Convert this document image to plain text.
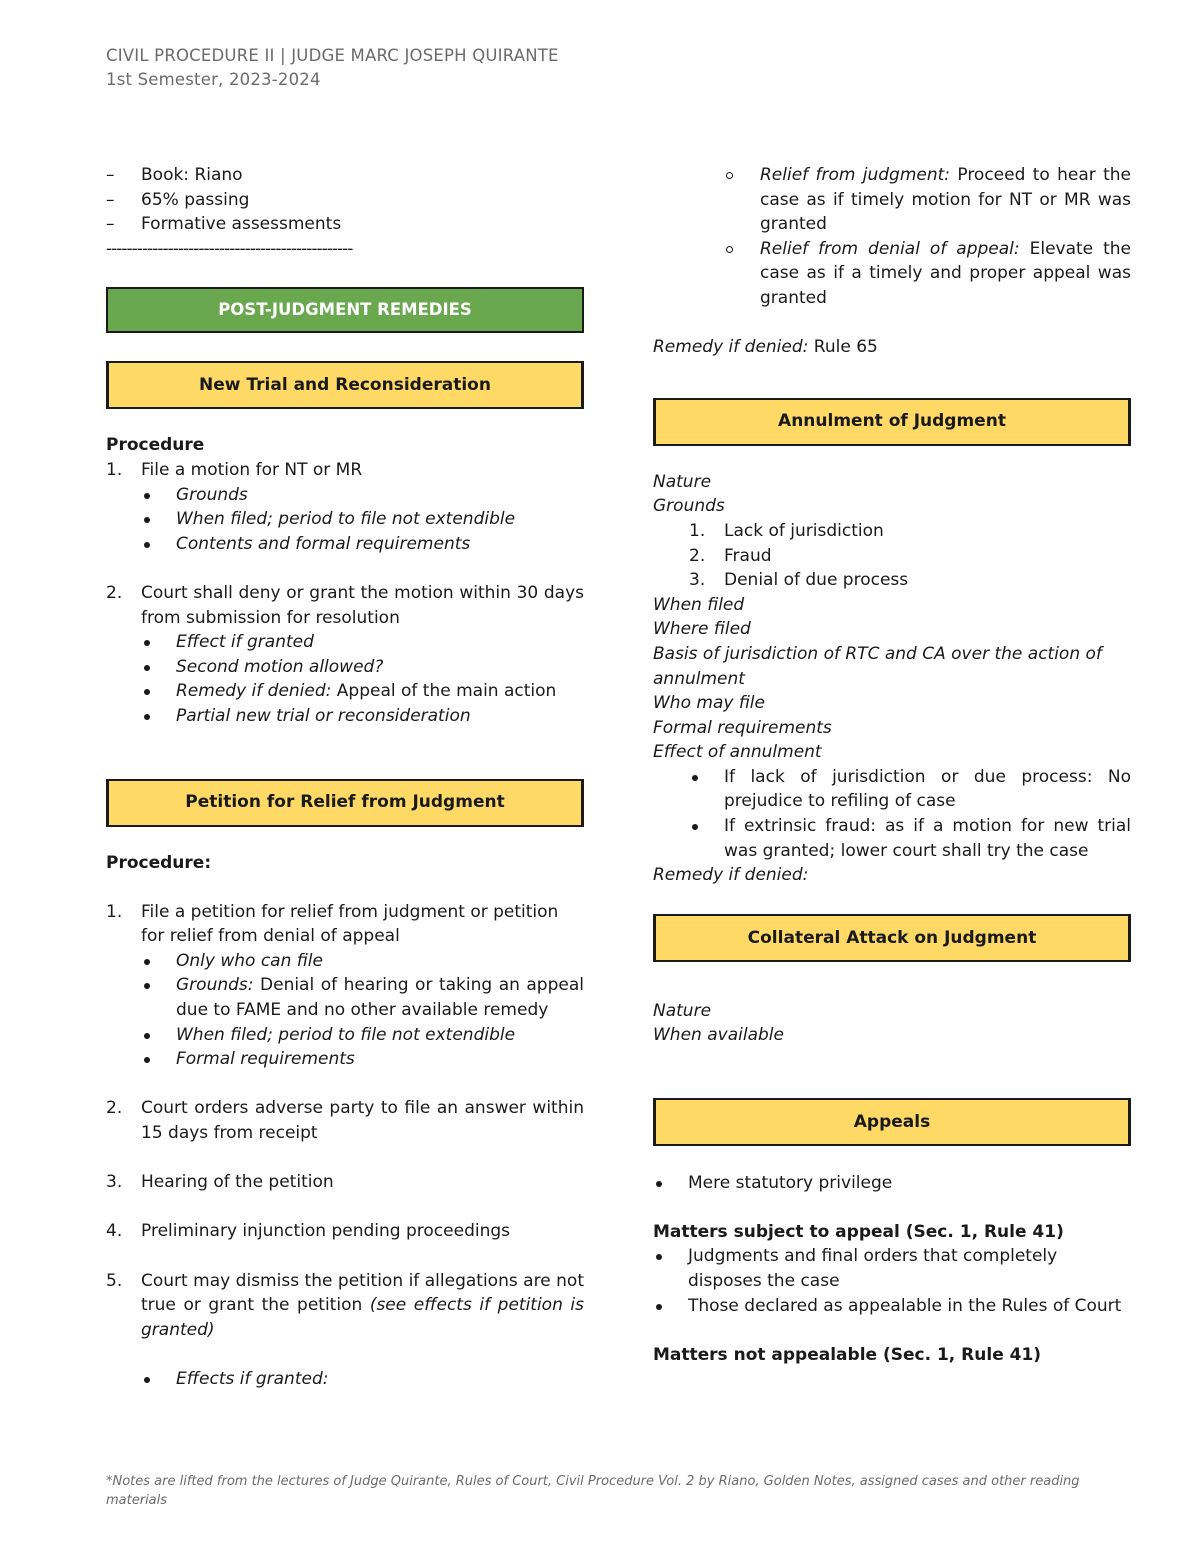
CIVIL PROCEDURE II | JUDGE MARC JOSEPH QUIRANTE
1st Semester, 2023-2024
– Book: Riano
– 65% passing
– Formative assessments
------------------------------------------------
POST-JUDGMENT REMEDIES
New Trial and Reconsideration
Procedure
1. File a motion for NT or MR
Grounds
When filed; period to file not extendible
Contents and formal requirements
2. Court shall deny or grant the motion within 30 days from submission for resolution
Effect if granted
Second motion allowed?
Remedy if denied: Appeal of the main action
Partial new trial or reconsideration
Petition for Relief from Judgment
Procedure:
1. File a petition for relief from judgment or petition for relief from denial of appeal
Only who can file
Grounds: Denial of hearing or taking an appeal due to FAME and no other available remedy
When filed; period to file not extendible
Formal requirements
2. Court orders adverse party to file an answer within 15 days from receipt
3. Hearing of the petition
4. Preliminary injunction pending proceedings
5. Court may dismiss the petition if allegations are not true or grant the petition (see effects if petition is granted)
Effects if granted:
Relief from judgment: Proceed to hear the case as if timely motion for NT or MR was granted
Relief from denial of appeal: Elevate the case as if a timely and proper appeal was granted
Remedy if denied: Rule 65
Annulment of Judgment
Nature
Grounds
1. Lack of jurisdiction
2. Fraud
3. Denial of due process
When filed
Where filed
Basis of jurisdiction of RTC and CA over the action of annulment
Who may file
Formal requirements
Effect of annulment
If lack of jurisdiction or due process: No prejudice to refiling of case
If extrinsic fraud: as if a motion for new trial was granted; lower court shall try the case
Remedy if denied:
Collateral Attack on Judgment
Nature
When available
Appeals
Mere statutory privilege
Matters subject to appeal (Sec. 1, Rule 41)
Judgments and final orders that completely disposes the case
Those declared as appealable in the Rules of Court
Matters not appealable (Sec. 1, Rule 41)
*Notes are lifted from the lectures of Judge Quirante, Rules of Court, Civil Procedure Vol. 2 by Riano, Golden Notes, assigned cases and other reading materials
